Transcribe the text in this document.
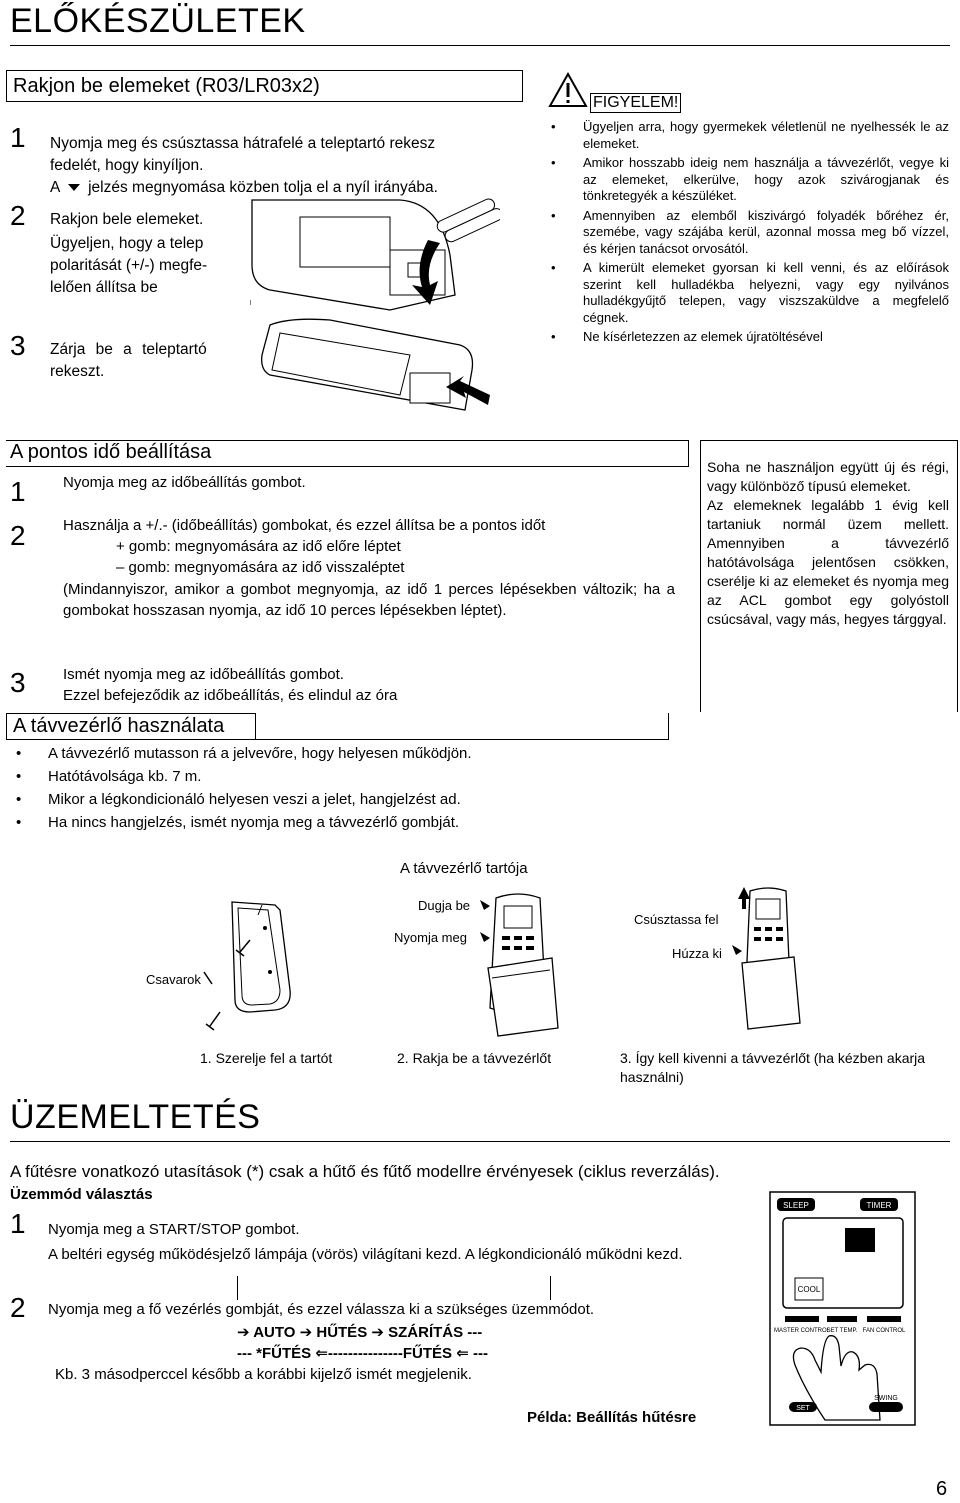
ELŐKÉSZÜLETEK
Rakjon be elemeket (R03/LR03x2)
1 Nyomja meg és csúsztassa hátrafelé a teleptartó rekesz
fedelét, hogy kinyíljon.
A jelzés megnyomása közben tolja el a nyíl irányába.
2 Rakjon bele elemeket.
Ügyeljen, hogy a telep
polaritását (+/-) megfe-
lelően állítsa be
3 Zárja be a teleptartó
rekeszt.
FIGYELEM!
• Ügyeljen arra, hogy gyermekek véletlenül ne nyelhessék le az elemeket.
• Amikor hosszabb ideig nem használja a távvezérlőt, vegye ki az elemeket, elkerülve, hogy azok szivárogjanak és tönkretegyék a készüléket.
• Amennyiben az elemből kiszivárgó folyadék bőréhez ér, szemébe, vagy szájába kerül, azonnal mossa meg bő vízzel, és kérjen tanácsot orvosától.
• A kimerült elemeket gyorsan ki kell venni, és az előírások szerint kell hulladékba helyezni, vagy egy nyilvános hulladékgyűjtő telepen, vagy viszszaküldve a megfelelő cégnek.
• Ne kísérletezzen az elemek újratöltésével
A pontos idő beállítása
1 Nyomja meg az időbeállítás gombot.
2 Használja a +/.- (időbeállítás) gombokat, és ezzel állítsa be a pontos időt
+ gomb: megnyomására az idő előre léptet
– gomb: megnyomására az idő visszaléptet
(Mindannyiszor, amikor a gombot megnyomja, az idő 1 perces lépésekben változik; ha a gombokat hosszasan nyomja, az idő 10 perces lépésekben léptet).
3 Ismét nyomja meg az időbeállítás gombot.
Ezzel befejeződik az időbeállítás, és elindul az óra
Soha ne használjon együtt új és régi, vagy különböző típusú elemeket.
Az elemeknek legalább 1 évig kell tartaniuk normál üzem mellett. Amennyiben a távvezérlő hatótávolsága jelentősen csökken, cserélje ki az elemeket és nyomja meg az ACL gombot egy golyóstoll csúcsával, vagy más, hegyes tárggyal.
A távvezérlő használata
• A távvezérlő mutasson rá a jelvevőre, hogy helyesen működjön.
• Hatótávolsága kb. 7 m.
• Mikor a légkondicionáló helyesen veszi a jelet, hangjelzést ad.
• Ha nincs hangjelzés, ismét nyomja meg a távvezérlő gombját.
A távvezérlő tartója
Csavarok
Dugja be
Nyomja meg
Csúsztassa fel
Húzza ki
1. Szerelje fel a tartót	2. Rakja be a távvezérlőt	3. Így kell kivenni a távvezérlőt (ha kézben akarja használni)
ÜZEMELTETÉS
A fűtésre vonatkozó utasítások (*) csak a hűtő és fűtő modellre érvényesek (ciklus reverzálás).
Üzemmód választás
1 Nyomja meg a START/STOP gombot.
A beltéri egység működésjelző lámpája (vörös) világítani kezd. A légkondicionáló működni kezd.
2 Nyomja meg a fő vezérlés gombját, és ezzel válassza ki a szükséges üzemmódot.
➔ AUTO ➔ HŰTÉS ➔ SZÁRÍTÁS ---
--- *FŰTÉS ⇐---------------FŰTÉS ⇐ ---
Kb. 3 másodperccel később a korábbi kijelző ismét megjelenik.
Példa: Beállítás hűtésre
SLEEP	TIMER
COOL
MASTER CONTROL
SET TEMP. FAN CONTROL
SET
SWING
6
